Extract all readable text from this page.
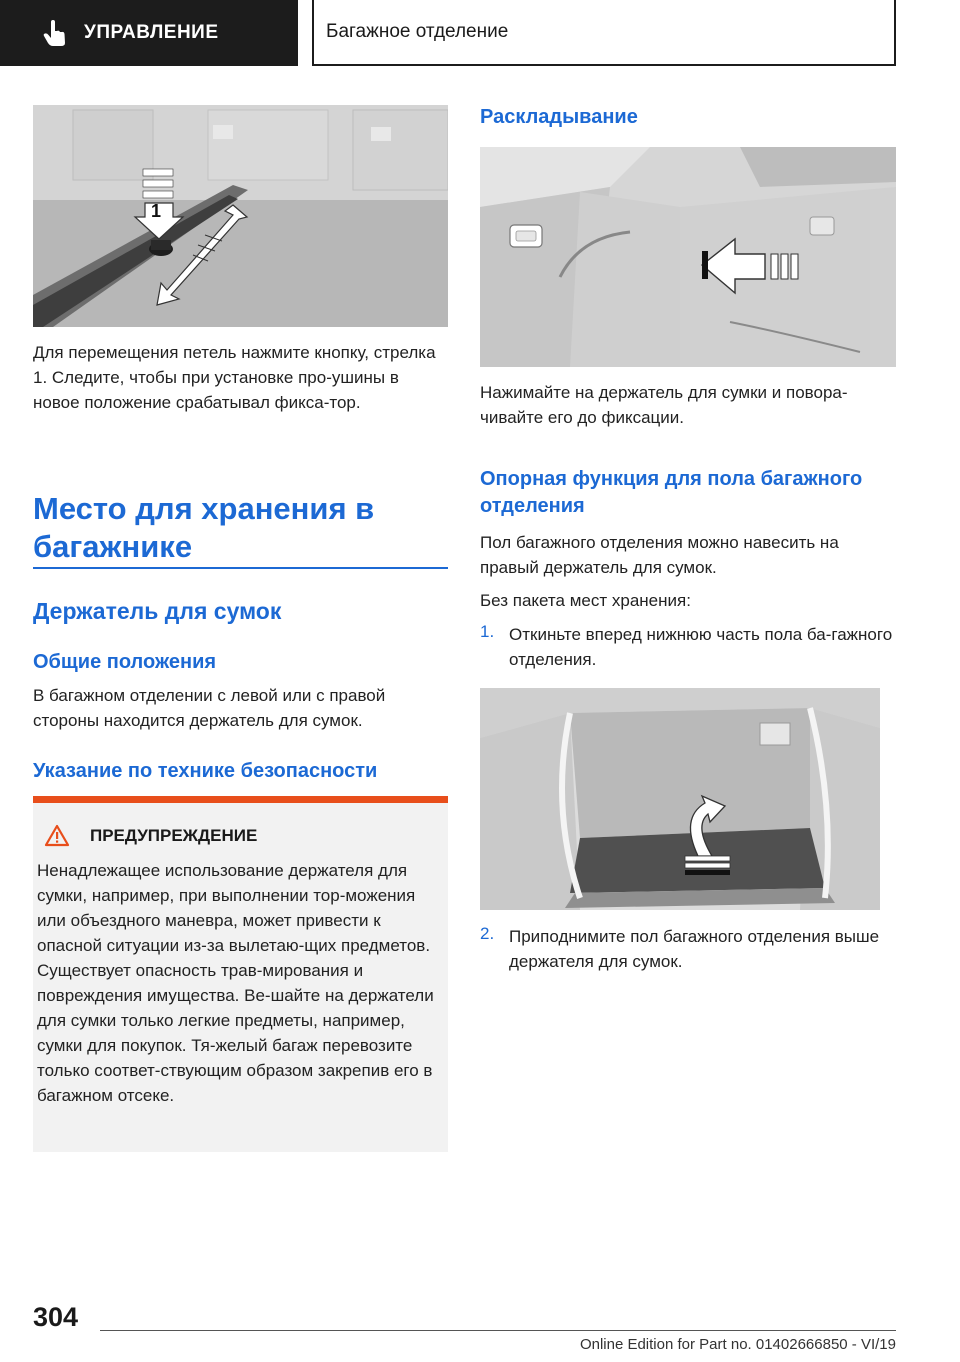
УПРАВЛЕНИЕ	Багажное отделение
1
Для перемещения петель нажмите кнопку, стрелка 1. Следите, чтобы при установке про-ушины в новое положение срабатывал фикса-тор.
Место для хранения в багажнике
Держатель для сумок
Общие положения
В багажном отделении с левой или с правой стороны находится держатель для сумок.
Указание по технике безопасности
ПРЕДУПРЕЖДЕНИЕ
Ненадлежащее использование держателя для сумки, например, при выполнении тор-можения или объездного маневра, может привести к опасной ситуации из-за вылетаю-щих предметов. Существует опасность трав-мирования и повреждения имущества. Ве-шайте на держатели для сумки только легкие предметы, например, сумки для покупок. Тя-желый багаж перевозите только соответ-ствующим образом закрепив его в багажном отсеке.
Раскладывание
Нажимайте на держатель для сумки и повора-чивайте его до фиксации.
Опорная функция для пола багажного отделения
Пол багажного отделения можно навесить на правый держатель для сумок.
Без пакета мест хранения:
1. Откиньте вперед нижнюю часть пола ба-гажного отделения.
2. Приподнимите пол багажного отделения выше держателя для сумок.
304
Online Edition for Part no. 01402666850 - VI/19
